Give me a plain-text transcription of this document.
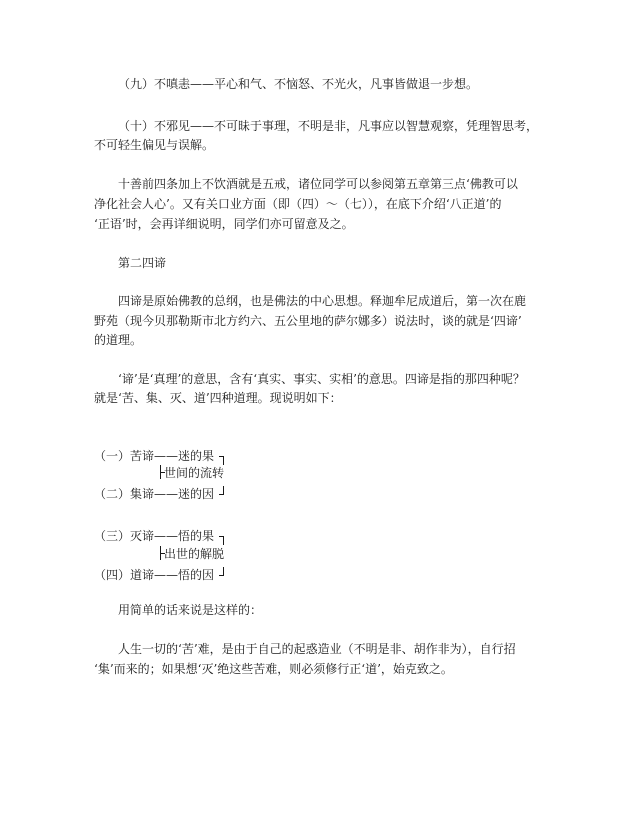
（九）不嗔恚——平心和气、不恼怒、不光火，凡事皆做退一步想。
（十）不邪见——不可昧于事理，不明是非，凡事应以智慧观察，凭理智思考，
不可轻生偏见与误解。
十善前四条加上不饮酒就是五戒，诸位同学可以参阅第五章第三点‘佛教可以
净化社会人心’。又有关口业方面（即（四）～（七）），在底下介绍‘八正道’的
‘正语’时，会再详细说明，同学们亦可留意及之。
第二四谛
四谛是原始佛教的总纲，也是佛法的中心思想。释迦牟尼成道后，第一次在鹿
野苑（现今贝那勒斯市北方约六、五公里地的萨尔娜多）说法时，谈的就是‘四谛’
的道理。
‘谛’是‘真理’的意思，含有‘真实、事实、实相’的意思。四谛是指的那四种呢？
就是‘苦、集、灭、道’四种道理。现说明如下：
（一）苦谛——迷的果
世间的流转
（二）集谛——迷的因
（三）灭谛——悟的果
出世的解脱
（四）道谛——悟的因
用简单的话来说是这样的：
人生一切的‘苦’难，是由于自己的起惑造业（不明是非、胡作非为），自行招
‘集’而来的；如果想‘灭’绝这些苦难，则必须修行正‘道’，始克致之。
